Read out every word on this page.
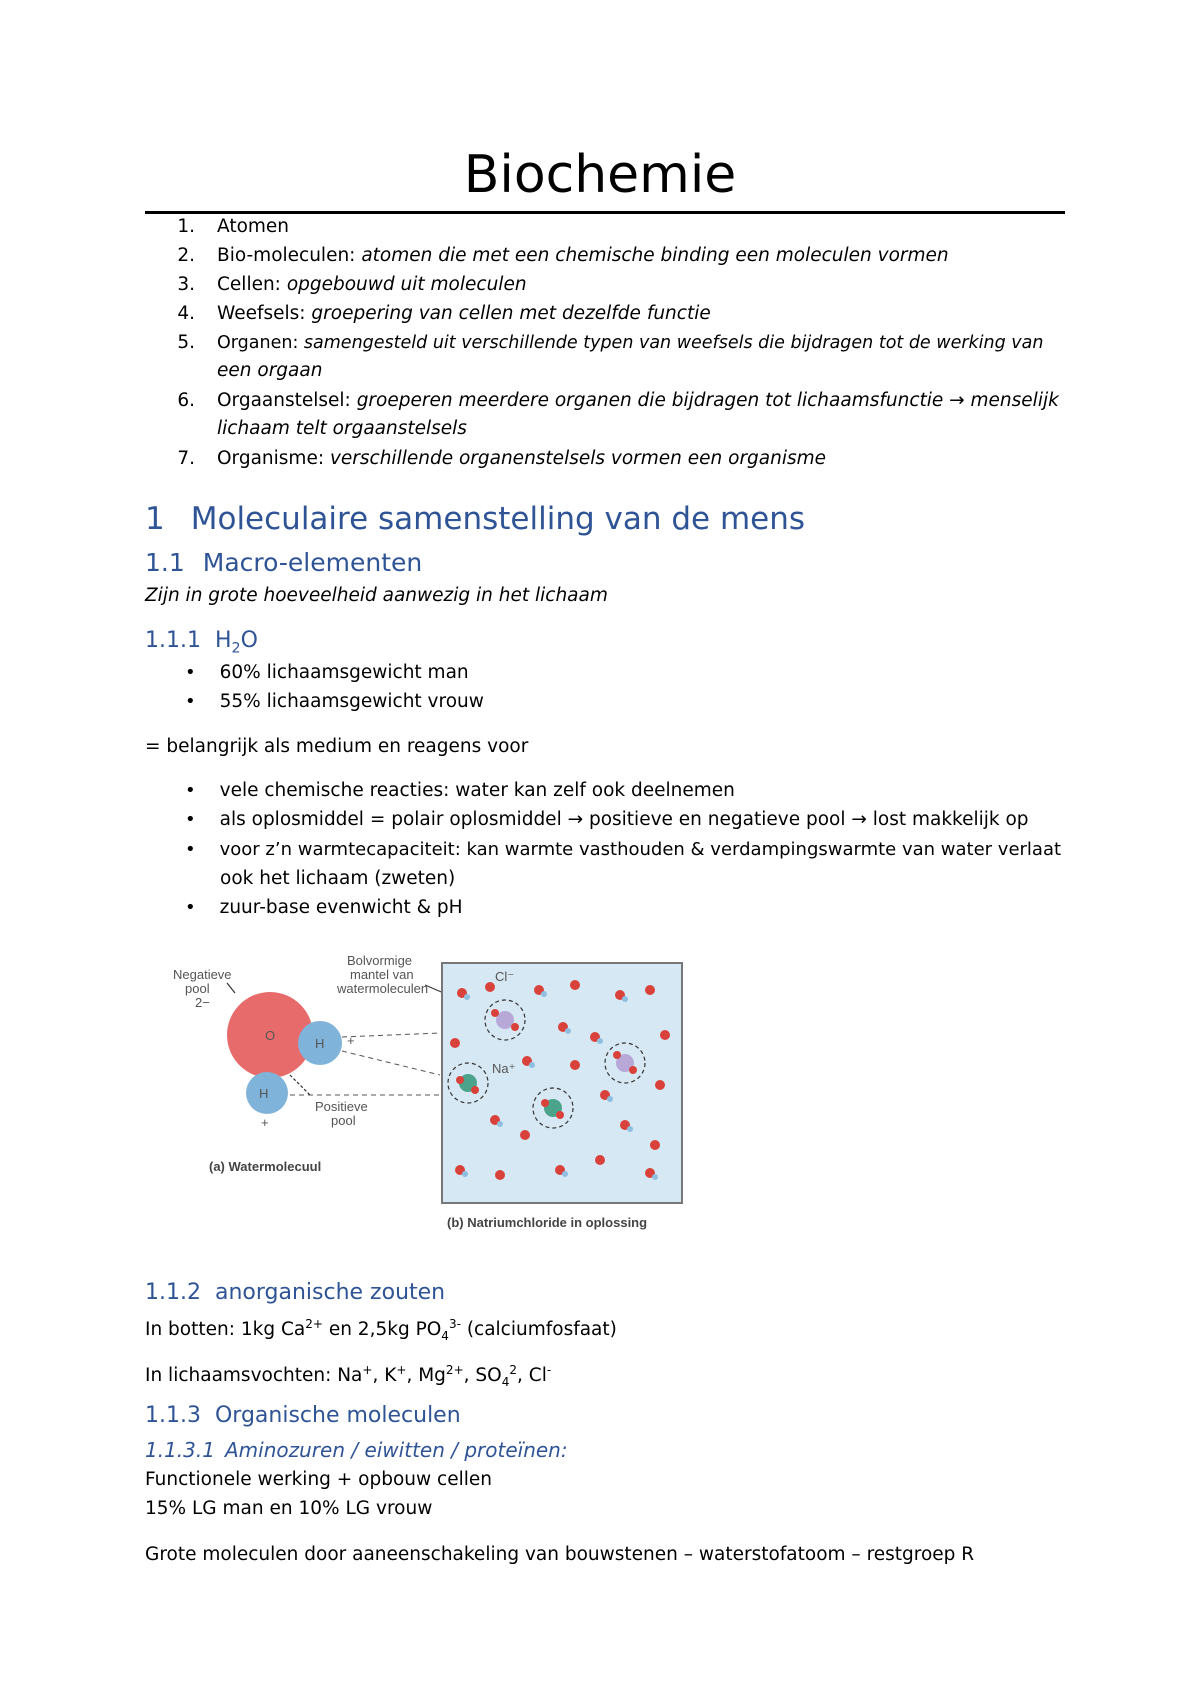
Biochemie
1. Atomen
2. Bio-moleculen: atomen die met een chemische binding een moleculen vormen
3. Cellen: opgebouwd uit moleculen
4. Weefsels: groepering van cellen met dezelfde functie
5. Organen: samengesteld uit verschillende typen van weefsels die bijdragen tot de werking van
een orgaan
6. Orgaanstelsel: groeperen meerdere organen die bijdragen tot lichaamsfunctie → menselijk
lichaam telt orgaanstelsels
7. Organisme: verschillende organenstelsels vormen een organisme
1 Moleculaire samenstelling van de mens
1.1 Macro-elementen
Zijn in grote hoeveelheid aanwezig in het lichaam
1.1.1 $H_2O$
• 60% lichaamsgewicht man
• 55% lichaamsgewicht vrouw
= belangrijk als medium en reagens voor
• vele chemische reacties: water kan zelf ook deelnemen
• als oplosmiddel = polair oplosmiddel → positieve en negatieve pool → lost makkelijk op
• voor z’n warmtecapaciteit: kan warmte vasthouden & verdampingswarmte van water verlaat
ook het lichaam (zweten)
• zuur-base evenwicht & pH
Negatieve
pool
2−
O
H
H
+
+
Positieve
pool
(a) Watermolecuul
Bolvormige
mantel van
watermoleculen
Cl⁻
Na⁺
(b) Natriumchloride in oplossing
1.1.2 anorganische zouten
In botten: 1kg $Ca^{2+}$ en 2,5kg $PO_4^{3-}$ (calciumfosfaat)
In lichaamsvochten: Na+, K+, $Mg^{2+}$, $SO_4^2$, Cl-
1.1.3 Organische moleculen
1.1.3.1 Aminozuren / eiwitten / proteïnen:
Functionele werking + opbouw cellen
15% LG man en 10% LG vrouw
Grote moleculen door aaneenschakeling van bouwstenen – waterstofatoom – restgroep R
